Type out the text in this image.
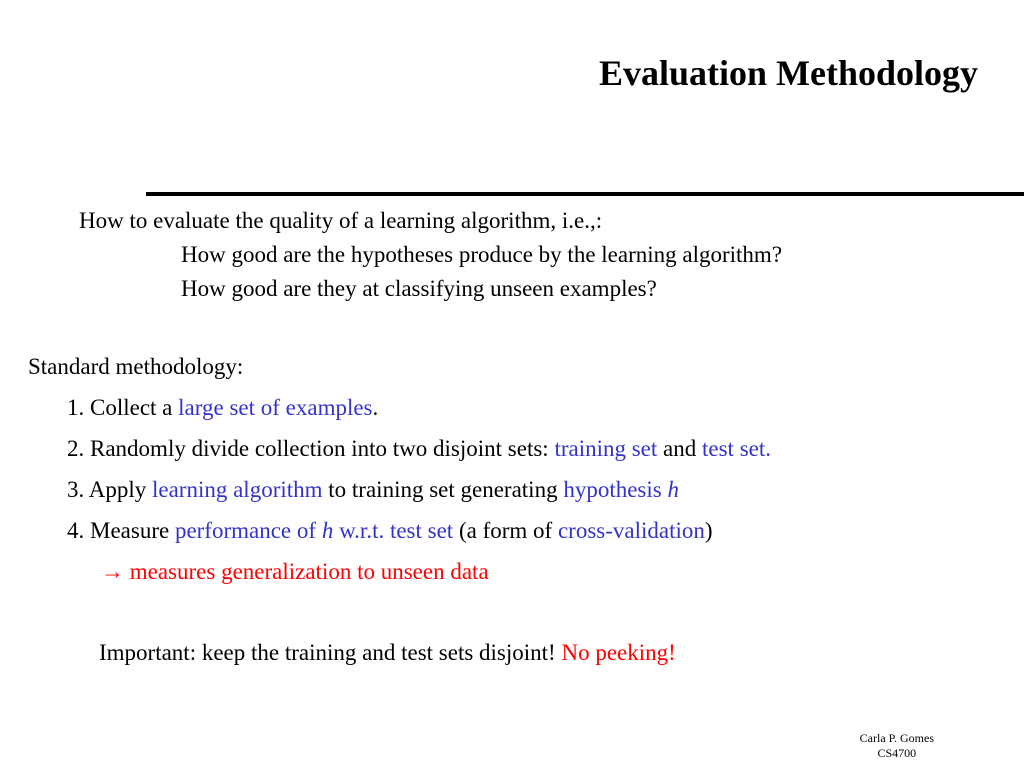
Evaluation Methodology
How to evaluate the quality of a learning algorithm, i.e.,:
How good are the hypotheses produce by the learning algorithm?
How good are they at classifying unseen examples?
Standard methodology:
1. Collect a large set of examples.
2. Randomly divide collection into two disjoint sets: training set and test set.
3. Apply learning algorithm to training set generating hypothesis h
4. Measure performance of h w.r.t. test set (a form of cross-validation)
→ measures generalization to unseen data
Important: keep the training and test sets disjoint! No peeking!
Carla P. Gomes
CS4700
